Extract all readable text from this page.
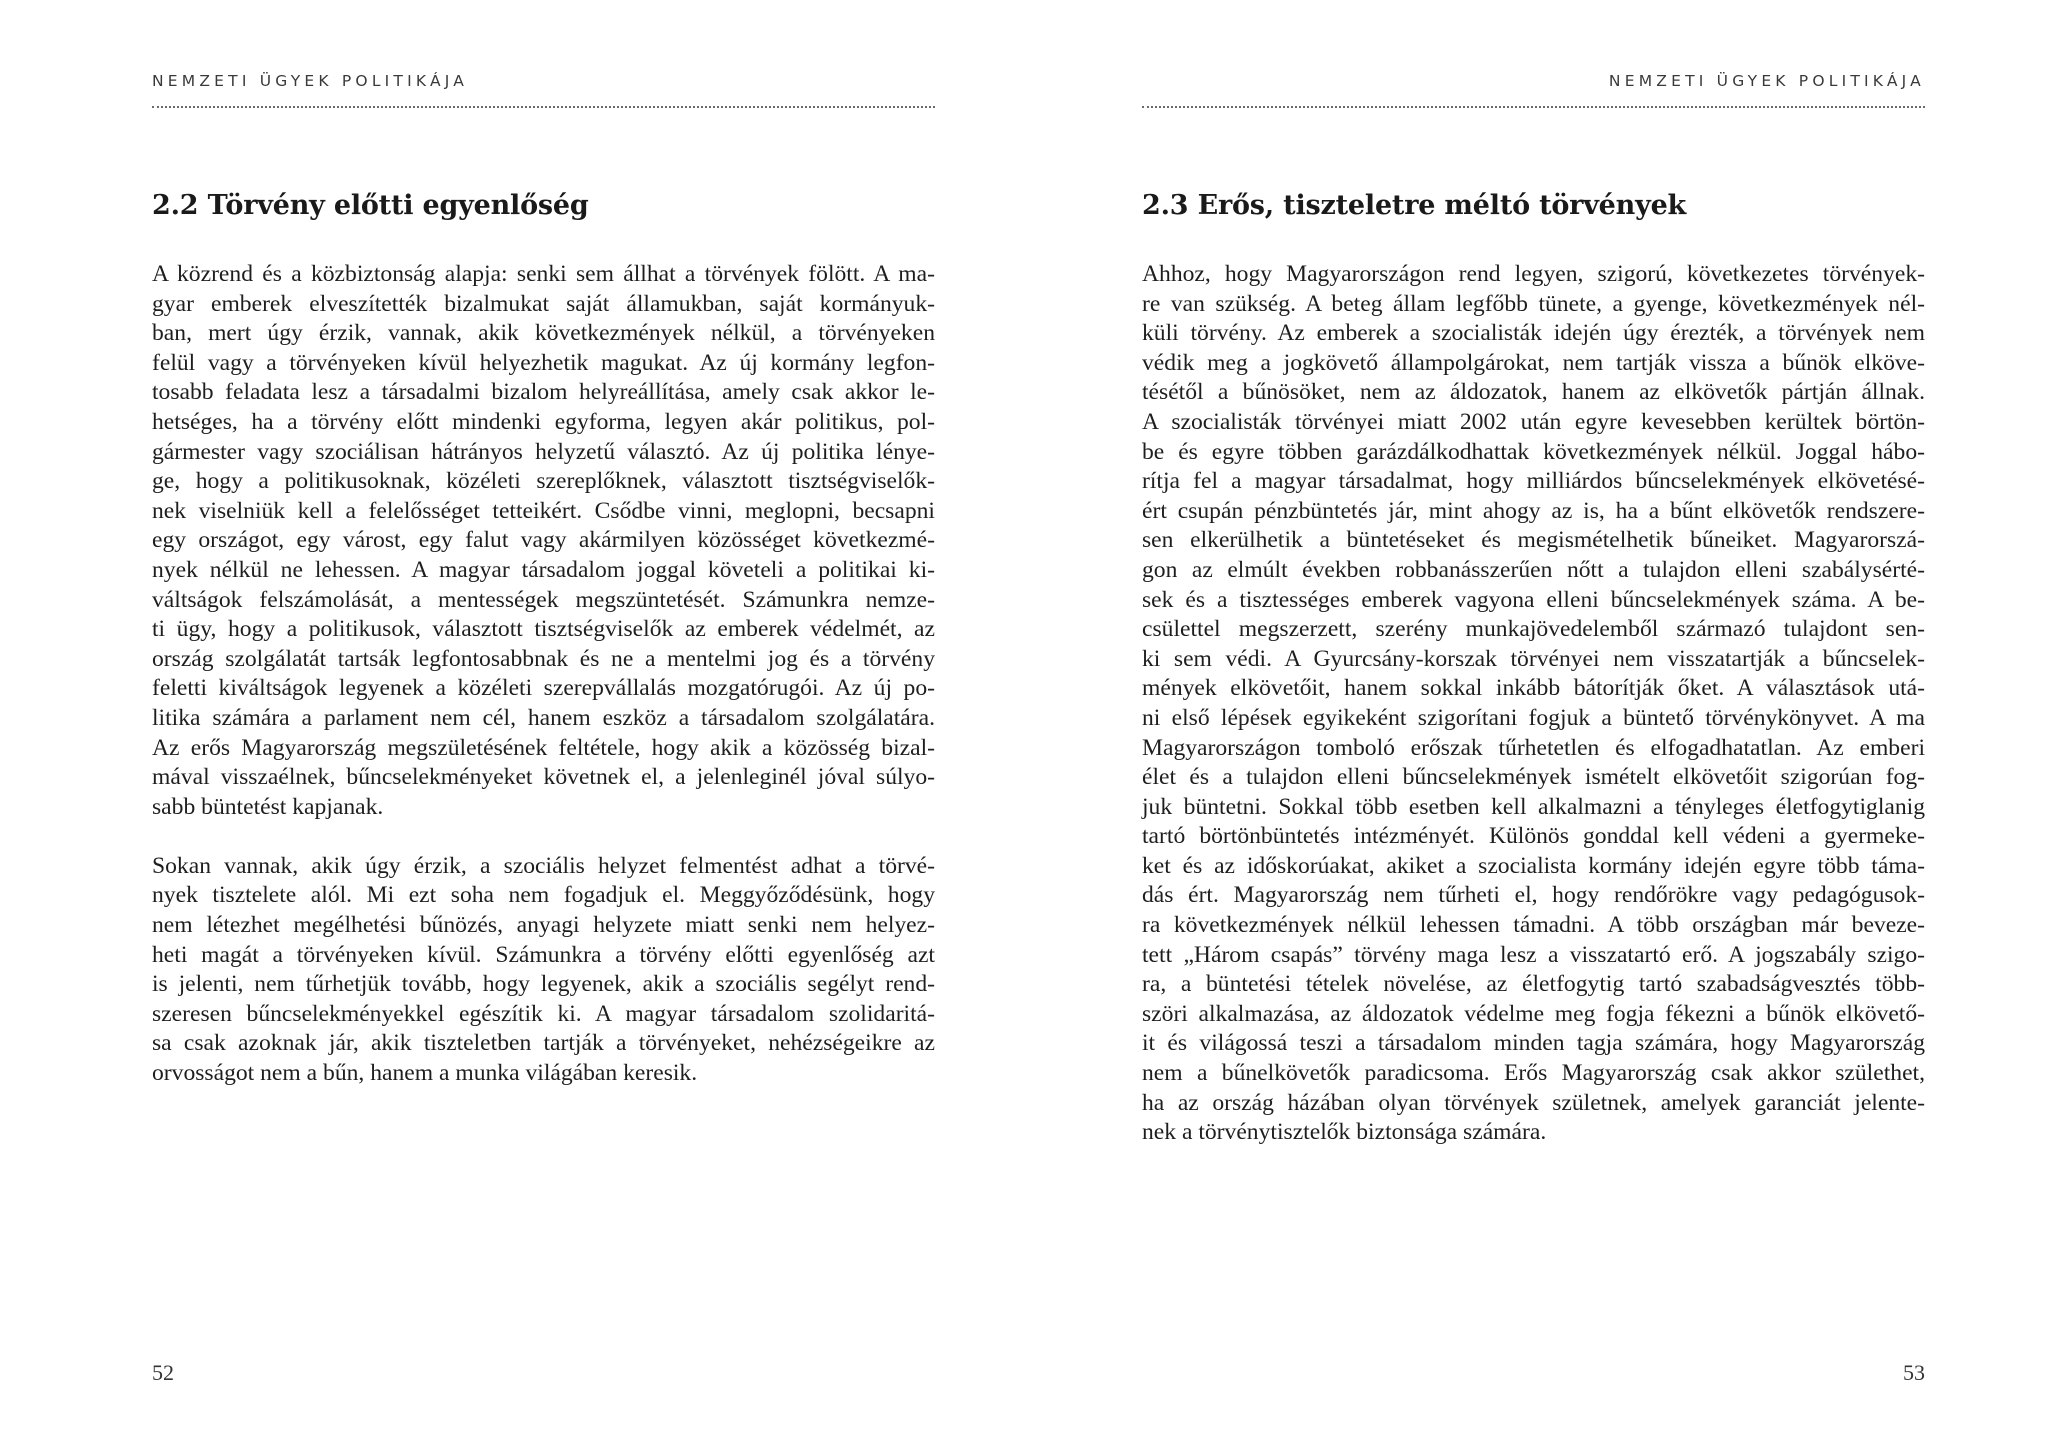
NEMZETI ÜGYEK POLITIKÁJA
2.2 Törvény előtti egyenlőség
A közrend és a közbiztonság alapja: senki sem állhat a törvények fölött. A ma-
gyar emberek elveszítették bizalmukat saját államukban, saját kormányuk-
ban, mert úgy érzik, vannak, akik következmények nélkül, a törvényeken
felül vagy a törvényeken kívül helyezhetik magukat. Az új kormány legfon-
tosabb feladata lesz a társadalmi bizalom helyreállítása, amely csak akkor le-
hetséges, ha a törvény előtt mindenki egyforma, legyen akár politikus, pol-
gármester vagy szociálisan hátrányos helyzetű választó. Az új politika lénye-
ge, hogy a politikusoknak, közéleti szereplőknek, választott tisztségviselők-
nek viselniük kell a felelősséget tetteikért. Csődbe vinni, meglopni, becsapni
egy országot, egy várost, egy falut vagy akármilyen közösséget következmé-
nyek nélkül ne lehessen. A magyar társadalom joggal követeli a politikai ki-
váltságok felszámolását, a mentességek megszüntetését. Számunkra nemze-
ti ügy, hogy a politikusok, választott tisztségviselők az emberek védelmét, az
ország szolgálatát tartsák legfontosabbnak és ne a mentelmi jog és a törvény
feletti kiváltságok legyenek a közéleti szerepvállalás mozgatórugói. Az új po-
litika számára a parlament nem cél, hanem eszköz a társadalom szolgálatára.
Az erős Magyarország megszületésének feltétele, hogy akik a közösség bizal-
mával visszaélnek, bűncselekményeket követnek el, a jelenleginél jóval súlyo-
sabb büntetést kapjanak.
Sokan vannak, akik úgy érzik, a szociális helyzet felmentést adhat a törvé-
nyek tisztelete alól. Mi ezt soha nem fogadjuk el. Meggyőződésünk, hogy
nem létezhet megélhetési bűnözés, anyagi helyzete miatt senki nem helyez-
heti magát a törvényeken kívül. Számunkra a törvény előtti egyenlőség azt
is jelenti, nem tűrhetjük tovább, hogy legyenek, akik a szociális segélyt rend-
szeresen bűncselekményekkel egészítik ki. A magyar társadalom szolidaritá-
sa csak azoknak jár, akik tiszteletben tartják a törvényeket, nehézségeikre az
orvosságot nem a bűn, hanem a munka világában keresik.
52
NEMZETI ÜGYEK POLITIKÁJA
2.3 Erős, tiszteletre méltó törvények
Ahhoz, hogy Magyarországon rend legyen, szigorú, következetes törvények-
re van szükség. A beteg állam legfőbb tünete, a gyenge, következmények nél-
küli törvény. Az emberek a szocialisták idején úgy érezték, a törvények nem
védik meg a jogkövető állampolgárokat, nem tartják vissza a bűnök elköve-
tésétől a bűnösöket, nem az áldozatok, hanem az elkövetők pártján állnak.
A szocialisták törvényei miatt 2002 után egyre kevesebben kerültek börtön-
be és egyre többen garázdálkodhattak következmények nélkül. Joggal hábo-
rítja fel a magyar társadalmat, hogy milliárdos bűncselekmények elkövetésé-
ért csupán pénzbüntetés jár, mint ahogy az is, ha a bűnt elkövetők rendszere-
sen elkerülhetik a büntetéseket és megismételhetik bűneiket. Magyarorszá-
gon az elmúlt években robbanásszerűen nőtt a tulajdon elleni szabálysérté-
sek és a tisztességes emberek vagyona elleni bűncselekmények száma. A be-
csülettel megszerzett, szerény munkajövedelemből származó tulajdont sen-
ki sem védi. A Gyurcsány-korszak törvényei nem visszatartják a bűncselek-
mények elkövetőit, hanem sokkal inkább bátorítják őket. A választások utá-
ni első lépések egyikeként szigorítani fogjuk a büntető törvénykönyvet. A ma
Magyarországon tomboló erőszak tűrhetetlen és elfogadhatatlan. Az emberi
élet és a tulajdon elleni bűncselekmények ismételt elkövetőit szigorúan fog-
juk büntetni. Sokkal több esetben kell alkalmazni a tényleges életfogytiglanig
tartó börtönbüntetés intézményét. Különös gonddal kell védeni a gyermeke-
ket és az időskorúakat, akiket a szocialista kormány idején egyre több táma-
dás ért. Magyarország nem tűrheti el, hogy rendőrökre vagy pedagógusok-
ra következmények nélkül lehessen támadni. A több országban már beveze-
tett „Három csapás” törvény maga lesz a visszatartó erő. A jogszabály szigo-
ra, a büntetési tételek növelése, az életfogytig tartó szabadságvesztés több-
szöri alkalmazása, az áldozatok védelme meg fogja fékezni a bűnök elkövető-
it és világossá teszi a társadalom minden tagja számára, hogy Magyarország
nem a bűnelkövetők paradicsoma. Erős Magyarország csak akkor születhet,
ha az ország házában olyan törvények születnek, amelyek garanciát jelente-
nek a törvénytisztelők biztonsága számára.
53
